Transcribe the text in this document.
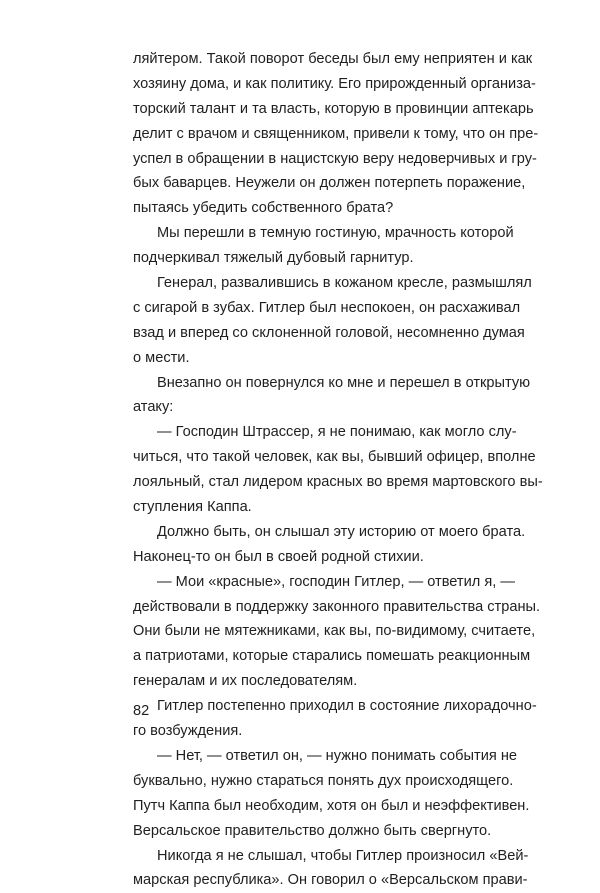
ляйтером. Такой поворот беседы был ему неприятен и как
хозяину дома, и как политику. Его прирожденный организа-
торский талант и та власть, которую в провинции аптекарь
делит с врачом и священником, привели к тому, что он пре-
успел в обращении в нацистскую веру недоверчивых и гру-
бых баварцев. Неужели он должен потерпеть поражение,
пытаясь убедить собственного брата?
Мы перешли в темную гостиную, мрачность которой
подчеркивал тяжелый дубовый гарнитур.
Генерал, развалившись в кожаном кресле, размышлял
с сигарой в зубах. Гитлер был неспокоен, он расхаживал
взад и вперед со склоненной головой, несомненно думая
о мести.
Внезапно он повернулся ко мне и перешел в открытую
атаку:
— Господин Штрассер, я не понимаю, как могло слу-
читься, что такой человек, как вы, бывший офицер, вполне
лояльный, стал лидером красных во время мартовского вы-
ступления Каппа.
Должно быть, он слышал эту историю от моего брата.
Наконец-то он был в своей родной стихии.
— Мои «красные», господин Гитлер, — ответил я, —
действовали в поддержку законного правительства страны.
Они были не мятежниками, как вы, по-видимому, считаете,
а патриотами, которые старались помешать реакционным
генералам и их последователям.
Гитлер постепенно приходил в состояние лихорадочно-
го возбуждения.
— Нет, — ответил он, — нужно понимать события не
буквально, нужно стараться понять дух происходящего.
Путч Каппа был необходим, хотя он был и неэффективен.
Версальское правительство должно быть свергнуто.
Никогда я не слышал, чтобы Гитлер произносил «Вей-
марская республика». Он говорил о «Версальском прави-
82
